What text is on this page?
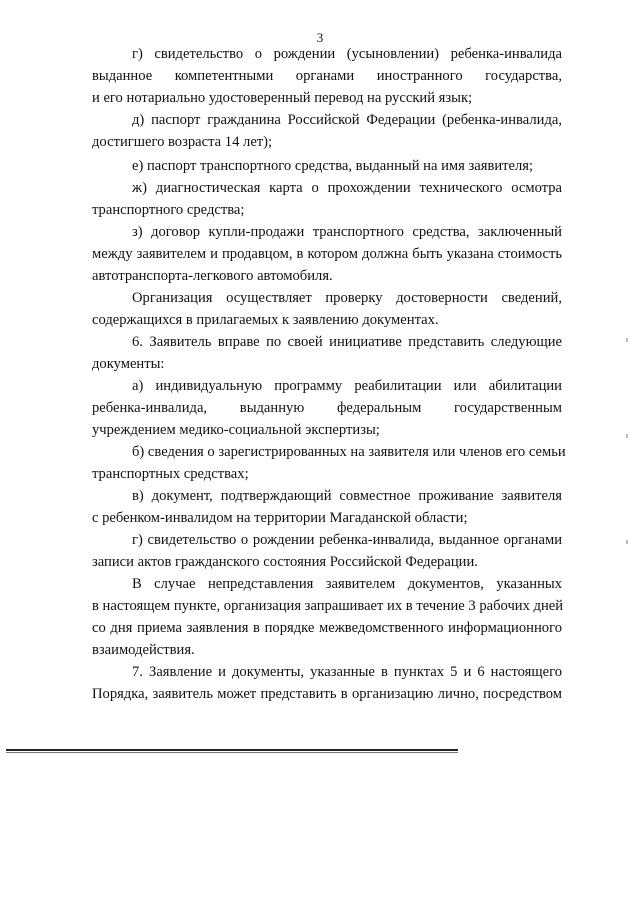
3
г) свидетельство о рождении (усыновлении) ребенка-инвалида
выданное компетентными органами иностранного государства,
и его нотариально удостоверенный перевод на русский язык;
д) паспорт гражданина Российской Федерации (ребенка-инвалида,
достигшего возраста 14 лет);
е) паспорт транспортного средства, выданный на имя заявителя;
ж) диагностическая карта о прохождении технического осмотра
транспортного средства;
з) договор купли-продажи транспортного средства, заключенный
между заявителем и продавцом, в котором должна быть указана стоимость
автотранспорта-легкового автомобиля.
Организация осуществляет проверку достоверности сведений,
содержащихся в прилагаемых к заявлению документах.
6. Заявитель вправе по своей инициативе представить следующие
документы:
а) индивидуальную программу реабилитации или абилитации
ребенка-инвалида, выданную федеральным государственным
учреждением медико-социальной экспертизы;
б) сведения о зарегистрированных на заявителя или членов его семьи
транспортных средствах;
в) документ, подтверждающий совместное проживание заявителя
с ребенком-инвалидом на территории Магаданской области;
г) свидетельство о рождении ребенка-инвалида, выданное органами
записи актов гражданского состояния Российской Федерации.
В случае непредставления заявителем документов, указанных
в настоящем пункте, организация запрашивает их в течение 3 рабочих дней
со дня приема заявления в порядке межведомственного информационного
взаимодействия.
7. Заявление и документы, указанные в пунктах 5 и 6 настоящего
Порядка, заявитель может представить в организацию лично, посредством
